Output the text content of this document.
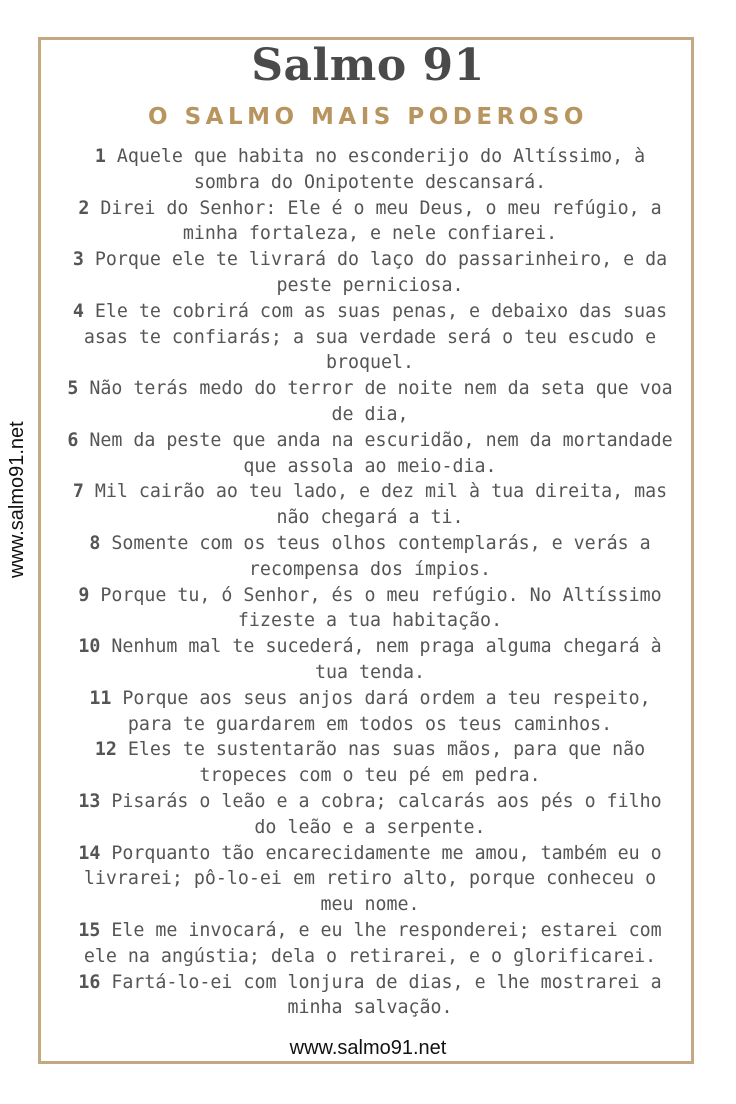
Salmo 91
O SALMO MAIS PODEROSO

1 Aquele que habita no esconderijo do Altíssimo, à
sombra do Onipotente descansará.

2 Direi do Senhor: Ele é o meu Deus, o meu refúgio, a
minha fortaleza, e nele confiarei.

3 Porque ele te livrará do laço do passarinheiro, e da
peste perniciosa.

4 Ele te cobrirá com as suas penas, e debaixo das suas
asas te confiarás; a sua verdade será o teu escudo e
broquel.

5 Não terás medo do terror de noite nem da seta que voa
de dia,

6 Nem da peste que anda na escuridão, nem da mortandade
que assola ao meio-dia.

7 Mil cairão ao teu lado, e dez mil à tua direita, mas
não chegará a ti.

8 Somente com os teus olhos contemplarás, e verás a
recompensa dos ímpios.

9 Porque tu, ó Senhor, és o meu refúgio. No Altíssimo
fizeste a tua habitação.

10 Nenhum mal te sucederá, nem praga alguma chegará à
tua tenda.

11 Porque aos seus anjos dará ordem a teu respeito,
para te guardarem em todos os teus caminhos.

12 Eles te sustentarão nas suas mãos, para que não
tropeces com o teu pé em pedra.

13 Pisarás o leão e a cobra; calcarás aos pés o filho
do leão e a serpente.

14 Porquanto tão encarecidamente me amou, também eu o
livrarei; pô-lo-ei em retiro alto, porque conheceu o
meu nome.

15 Ele me invocará, e eu lhe responderei; estarei com
ele na angústia; dela o retirarei, e o glorificarei.

16 Fartá-lo-ei com lonjura de dias, e lhe mostrarei a
minha salvação.

www.salmo91.net
www.salmo91.net
